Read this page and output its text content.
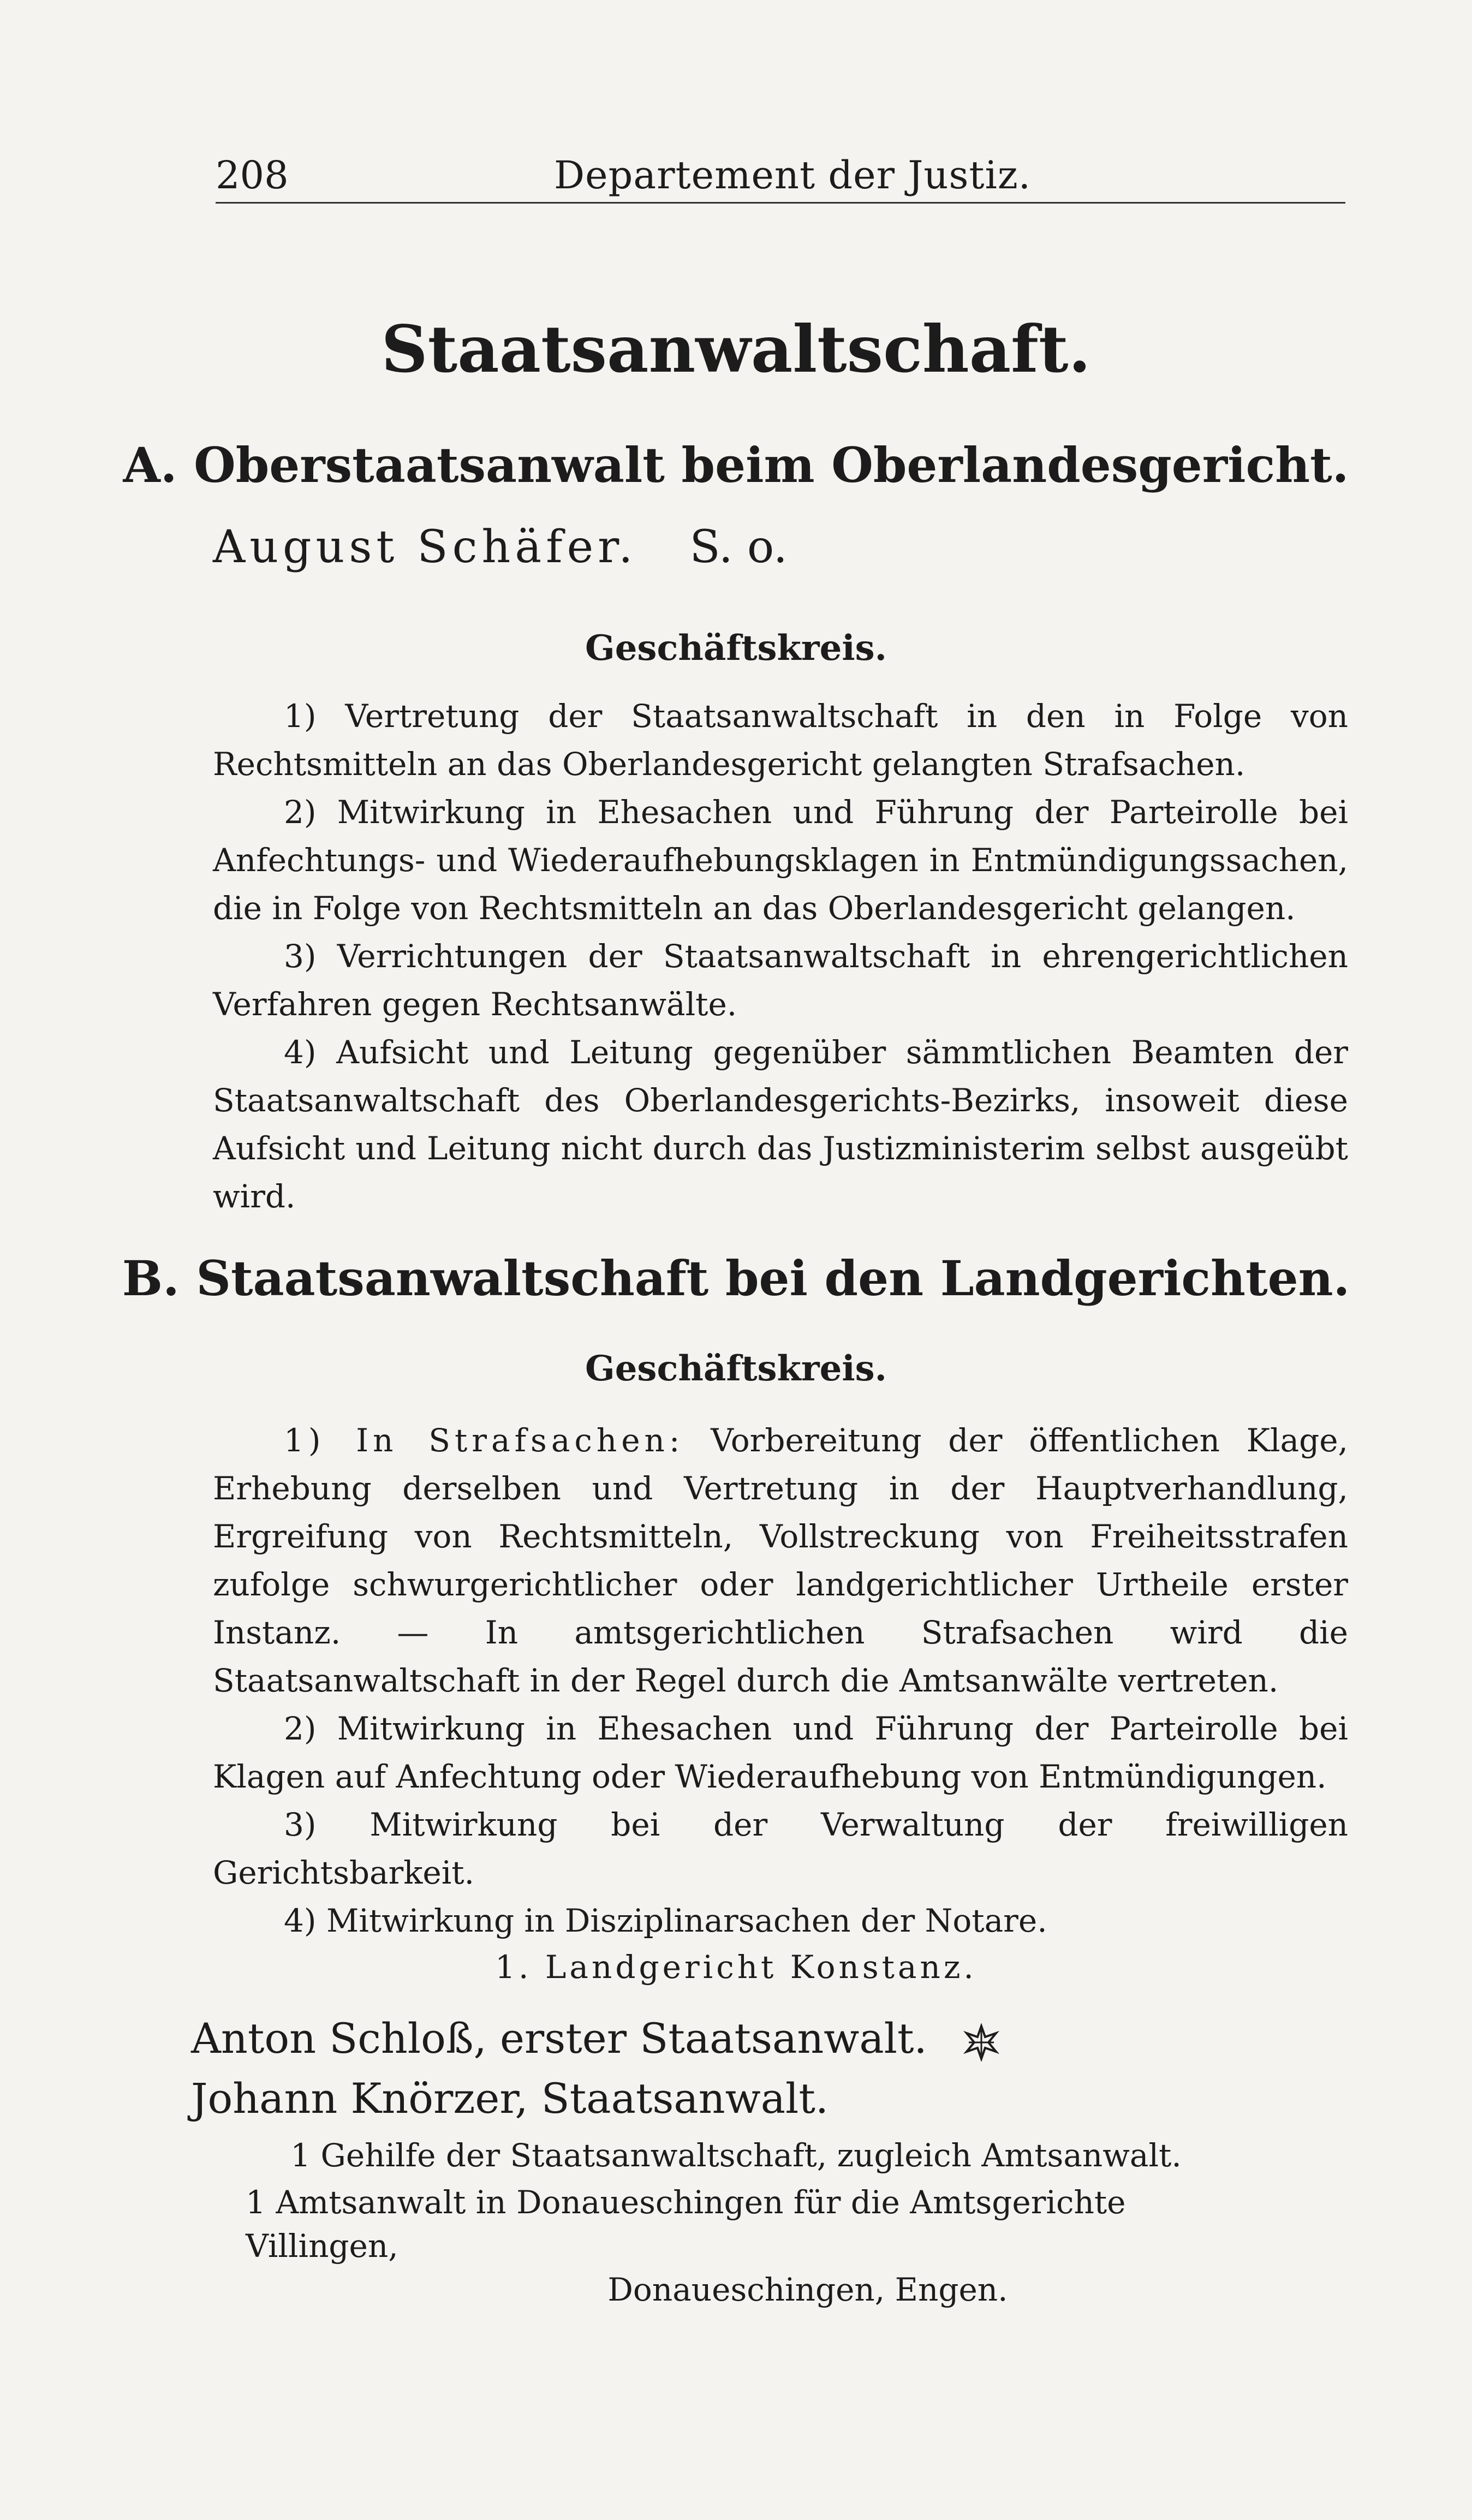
208	Departement der Justiz.
Staatsanwaltschaft.
A. Oberstaatsanwalt beim Oberlandesgericht.
August Schäfer. S. o.
Geschäftskreis.

1) Vertretung der Staatsanwaltschaft in den in Folge von Rechtsmitteln an das Oberlandesgericht gelangten Strafsachen.

2) Mitwirkung in Ehesachen und Führung der Parteirolle bei Anfechtungs- und Wiederaufhebungsklagen in Entmündigungssachen, die in Folge von Rechtsmitteln an das Oberlandesgericht gelangen.

3) Verrichtungen der Staatsanwaltschaft in ehrengerichtlichen Verfahren gegen Rechtsanwälte.

4) Aufsicht und Leitung gegenüber sämmtlichen Beamten der Staatsanwaltschaft des Oberlandesgerichts-Bezirks, insoweit diese Aufsicht und Leitung nicht durch das Justizministerim selbst ausgeübt wird.

B. Staatsanwaltschaft bei den Landgerichten.
Geschäftskreis.

1) In Strafsachen: Vorbereitung der öffentlichen Klage, Erhebung derselben und Vertretung in der Hauptverhandlung, Ergreifung von Rechtsmitteln, Vollstreckung von Freiheitsstrafen zufolge schwurgerichtlicher oder landgerichtlicher Urtheile erster Instanz. — In amtsgerichtlichen Strafsachen wird die Staatsanwaltschaft in der Regel durch die Amtsanwälte vertreten.

2) Mitwirkung in Ehesachen und Führung der Parteirolle bei Klagen auf Anfechtung oder Wiederaufhebung von Entmündigungen.

3) Mitwirkung bei der Verwaltung der freiwilligen Gerichtsbarkeit.

4) Mitwirkung in Disziplinarsachen der Notare.

1. Landgericht Konstanz.
Anton Schloß, erster Staatsanwalt.
Johann Knörzer, Staatsanwalt.
1 Gehilfe der Staatsanwaltschaft, zugleich Amtsanwalt.
1 Amtsanwalt in Donaueschingen für die Amtsgerichte Villingen,
Donaueschingen, Engen.
